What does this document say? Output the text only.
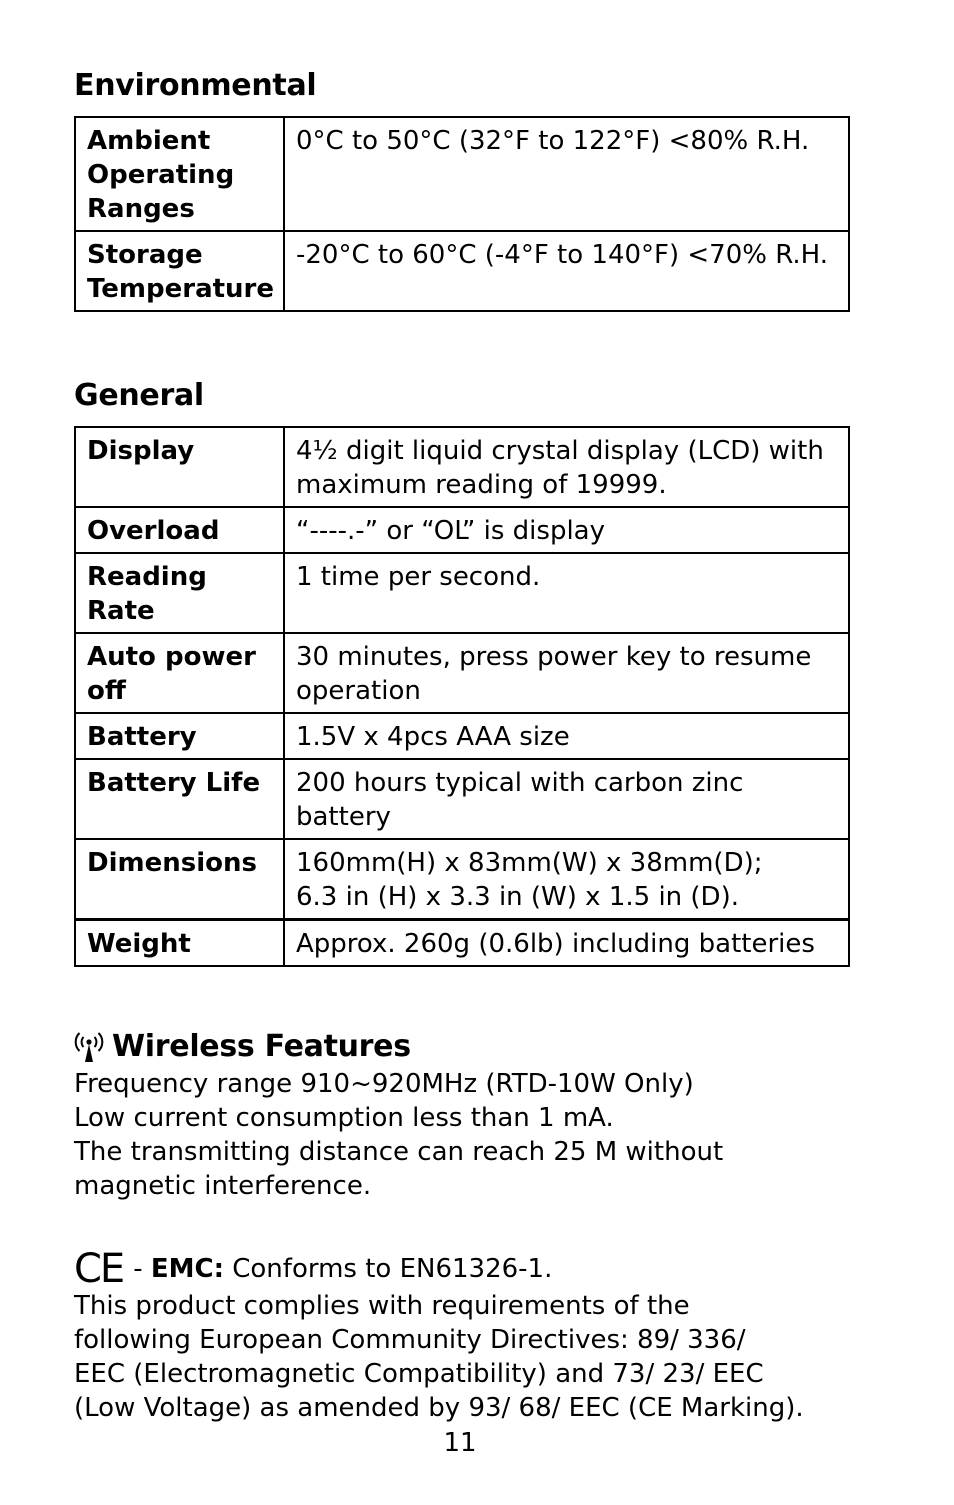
Environmental
Ambient Operating Ranges	0°C to 50°C (32°F to 122°F) <80% R.H.
Storage Temperature	-20°C to 60°C (-4°F to 140°F) <70% R.H.
General
Display	4½ digit liquid crystal display (LCD) with maximum reading of 19999.
Overload	“----.-” or “OL” is display
Reading Rate	1 time per second.
Auto power off	30 minutes, press power key to resume operation
Battery	1.5V x 4pcs AAA size
Battery Life	200 hours typical with carbon zinc battery
Dimensions	160mm(H) x 83mm(W) x 38mm(D);
6.3 in (H) x 3.3 in (W) x 1.5 in (D).

Weight	Approx. 260g (0.6lb) including batteries
Wireless Features

Frequency range 910~920MHz (RTD-10W Only)

Low current consumption less than 1 mA.

The transmitting distance can reach 25 M without

magnetic interference.

CE -
EMC:
Conforms to EN61326-1.

This product complies with requirements of the

following European Community Directives: 89/ 336/

EEC (Electromagnetic Compatibility) and 73/ 23/ EEC

(Low Voltage) as amended by 93/ 68/ EEC (CE Marking).

11
